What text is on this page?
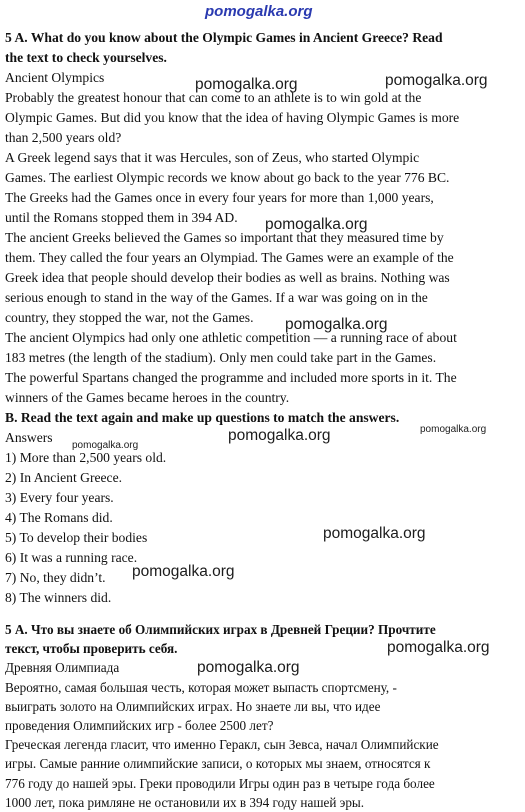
pomogalka.org
5 A. What do you know about the Olympic Games in Ancient Greece? Read
the text to check yourselves.
Ancient Olympics
Probably the greatest honour that can come to an athlete is to win gold at the
Olympic Games. But did you know that the idea of having Olympic Games is more
than 2,500 years old?
A Greek legend says that it was Hercules, son of Zeus, who started Olympic
Games. The earliest Olympic records we know about go back to the year 776 BC.
The Greeks had the Games once in every four years for more than 1,000 years,
until the Romans stopped them in 394 AD.
The ancient Greeks believed the Games so important that they measured time by
them. They called the four years an Olympiad. The Games were an example of the
Greek idea that people should develop their bodies as well as brains. Nothing was
serious enough to stand in the way of the Games. If a war was going on in the
country, they stopped the war, not the Games.
The ancient Olympics had only one athletic competition — a running race of about
183 metres (the length of the stadium). Only men could take part in the Games.
The powerful Spartans changed the programme and included more sports in it. The
winners of the Games became heroes in the country.
B. Read the text again and make up questions to match the answers.
Answers
1) More than 2,500 years old.
2) In Ancient Greece.
3) Every four years.
4) The Romans did.
5) To develop their bodies
6) It was a running race.
7) No, they didn’t.
8) The winners did.
5 А. Что вы знаете об Олимпийских играх в Древней Греции? Прочтите
текст, чтобы проверить себя.
Древняя Олимпиада
Вероятно, самая большая честь, которая может выпасть спортсмену, -
выиграть золото на Олимпийских играх. Но знаете ли вы, что идее
проведения Олимпийских игр - более 2500 лет?
Греческая легенда гласит, что именно Геракл, сын Зевса, начал Олимпийские
игры. Самые ранние олимпийские записи, о которых мы знаем, относятся к
776 году до нашей эры. Греки проводили Игры один раз в четыре года более
1000 лет, пока римляне не остановили их в 394 году нашей эры.
pomogalka.org	pomogalka.org
pomogalka.org
pomogalka.org
pomogalka.org
pomogalka.org
pomogalka.org
pomogalka.org
pomogalka.org
pomogalka.org
pomogalka.org
